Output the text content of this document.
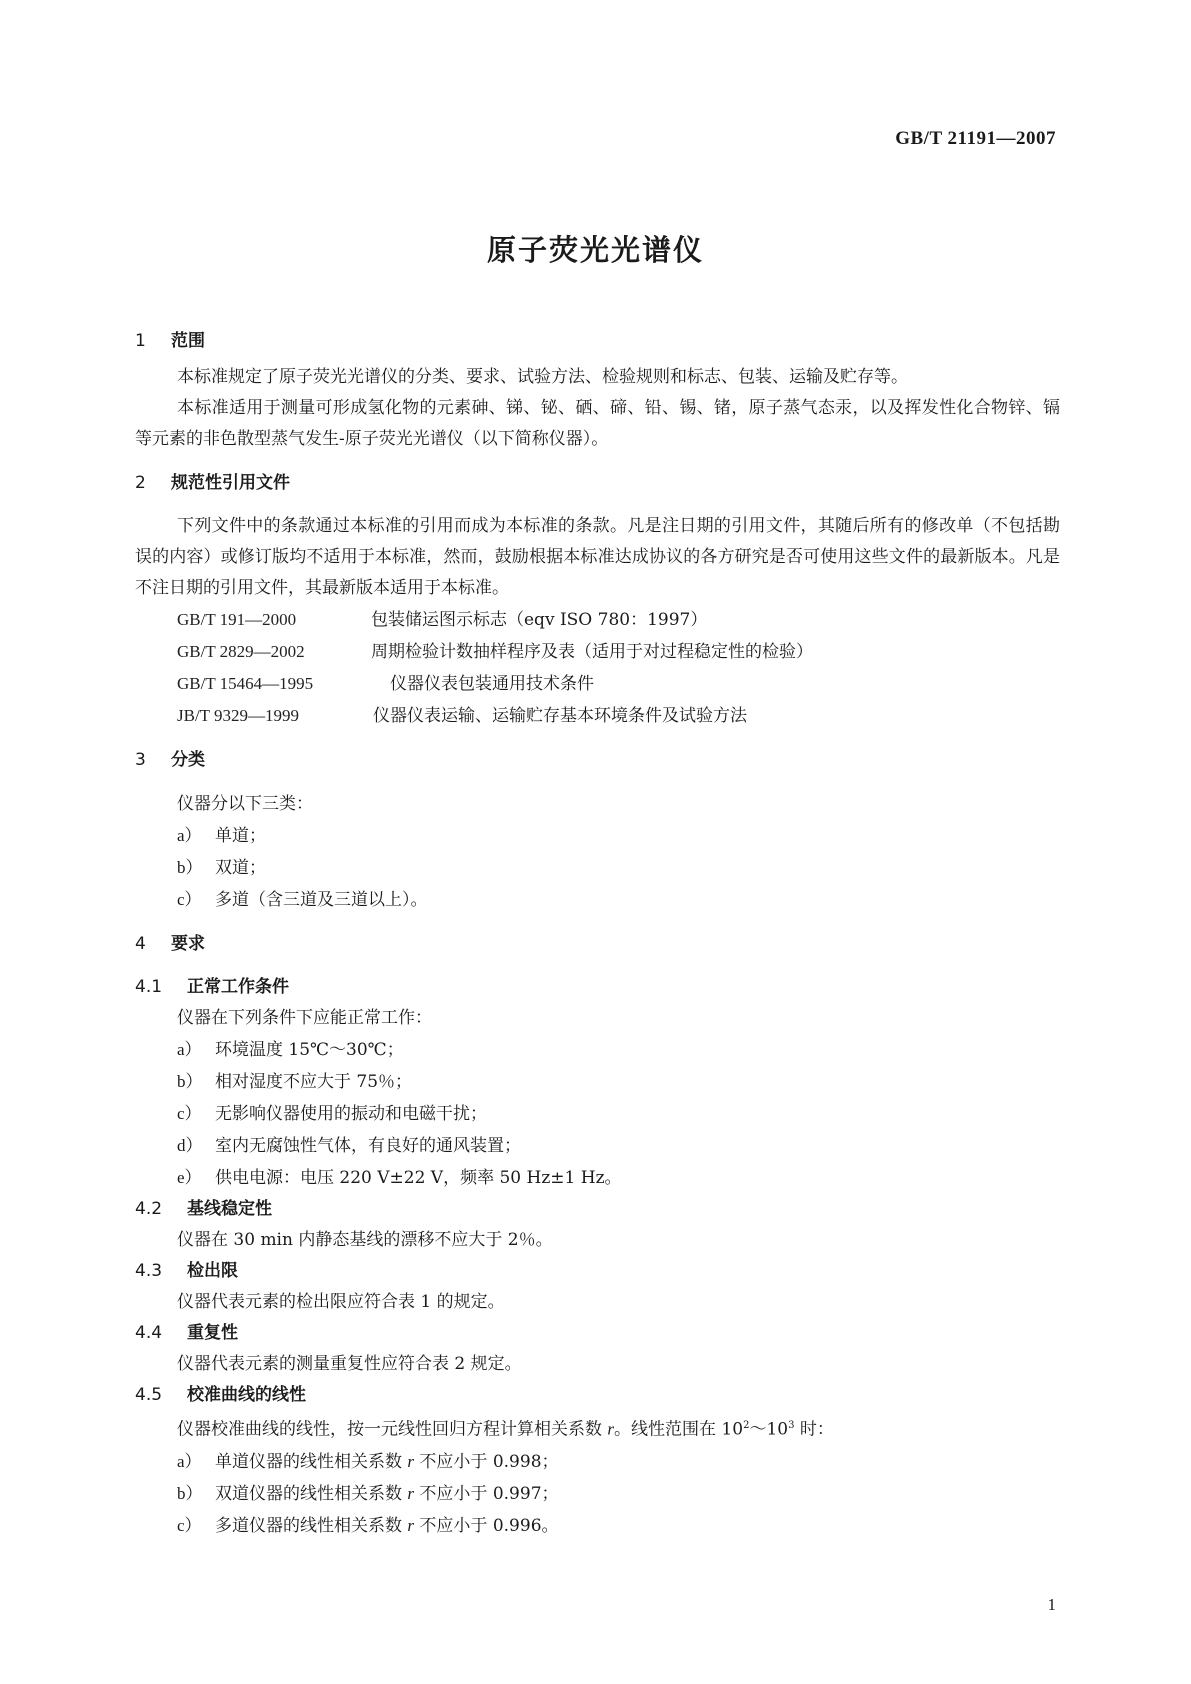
GB/T 21191—2007
原子荧光光谱仪
1 范围

本标准规定了原子荧光光谱仪的分类、要求、试验方法、检验规则和标志、包装、运输及贮存等。

本标准适用于测量可形成氢化物的元素砷、锑、铋、硒、碲、铅、锡、锗，原子蒸气态汞，以及挥发性化合物锌、镉等元素的非色散型蒸气发生-原子荧光光谱仪（以下简称仪器）。

2 规范性引用文件

下列文件中的条款通过本标准的引用而成为本标准的条款。凡是注日期的引用文件，其随后所有的修改单（不包括勘误的内容）或修订版均不适用于本标准，然而，鼓励根据本标准达成协议的各方研究是否可使用这些文件的最新版本。凡是不注日期的引用文件，其最新版本适用于本标准。

GB/T 191—2000	包装储运图示标志（eqv ISO 780：1997）

GB/T 2829—2002	周期检验计数抽样程序及表（适用于对过程稳定性的检验）

GB/T 15464—1995	仪器仪表包装通用技术条件

JB/T 9329—1999	仪器仪表运输、运输贮存基本环境条件及试验方法

3 分类

仪器分以下三类：

a） 单道；

b） 双道；

c） 多道（含三道及三道以上）。

4 要求
4.1 正常工作条件

仪器在下列条件下应能正常工作：

a） 环境温度 15℃～30℃；

b） 相对湿度不应大于 75％；

c） 无影响仪器使用的振动和电磁干扰；

d） 室内无腐蚀性气体，有良好的通风装置；

e） 供电电源：电压 220 V±22 V，频率 50 Hz±1 Hz。

4.2 基线稳定性

仪器在 30 min 内静态基线的漂移不应大于 2％。

4.3 检出限

仪器代表元素的检出限应符合表 1 的规定。

4.4 重复性

仪器代表元素的测量重复性应符合表 2 规定。

4.5 校准曲线的线性

仪器校准曲线的线性，按一元线性回归方程计算相关系数 r。线性范围在 $10^2\sim 10^3$ 时：

a） 单道仪器的线性相关系数 r 不应小于 0.998；

b） 双道仪器的线性相关系数 r 不应小于 0.997；

c） 多道仪器的线性相关系数 r 不应小于 0.996。

1
